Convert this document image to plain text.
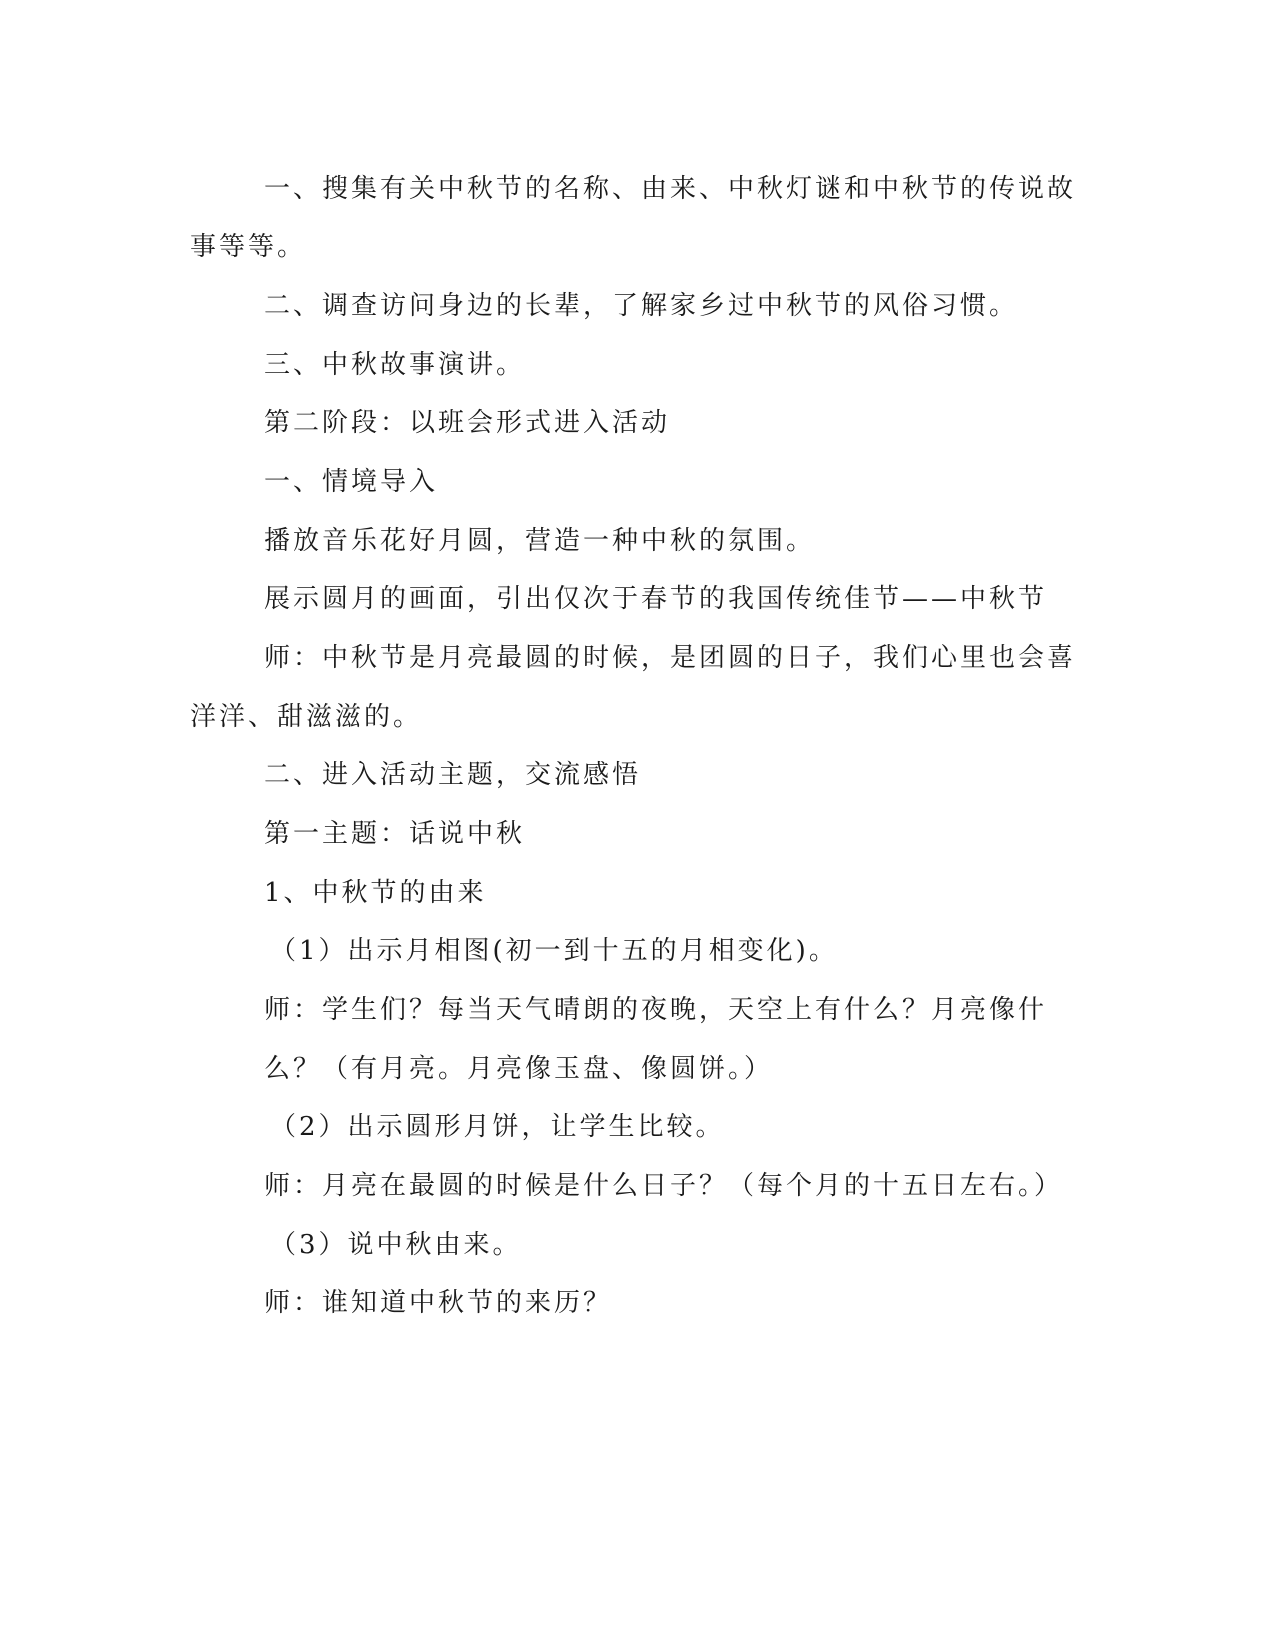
一、搜集有关中秋节的名称、由来、中秋灯谜和中秋节的传说故
事等等。
二、调查访问身边的长辈，了解家乡过中秋节的风俗习惯。
三、中秋故事演讲。
第二阶段：以班会形式进入活动
一、情境导入
播放音乐花好月圆，营造一种中秋的氛围。
展示圆月的画面，引出仅次于春节的我国传统佳节——中秋节
师：中秋节是月亮最圆的时候，是团圆的日子，我们心里也会喜
洋洋、甜滋滋的。
二、进入活动主题，交流感悟
第一主题：话说中秋
1、中秋节的由来
（1）出示月相图(初一到十五的月相变化)。
师：学生们？每当天气晴朗的夜晚，天空上有什么？月亮像什
么？（有月亮。月亮像玉盘、像圆饼。）
（2）出示圆形月饼，让学生比较。
师：月亮在最圆的时候是什么日子？（每个月的十五日左右。）
（3）说中秋由来。
师：谁知道中秋节的来历？
